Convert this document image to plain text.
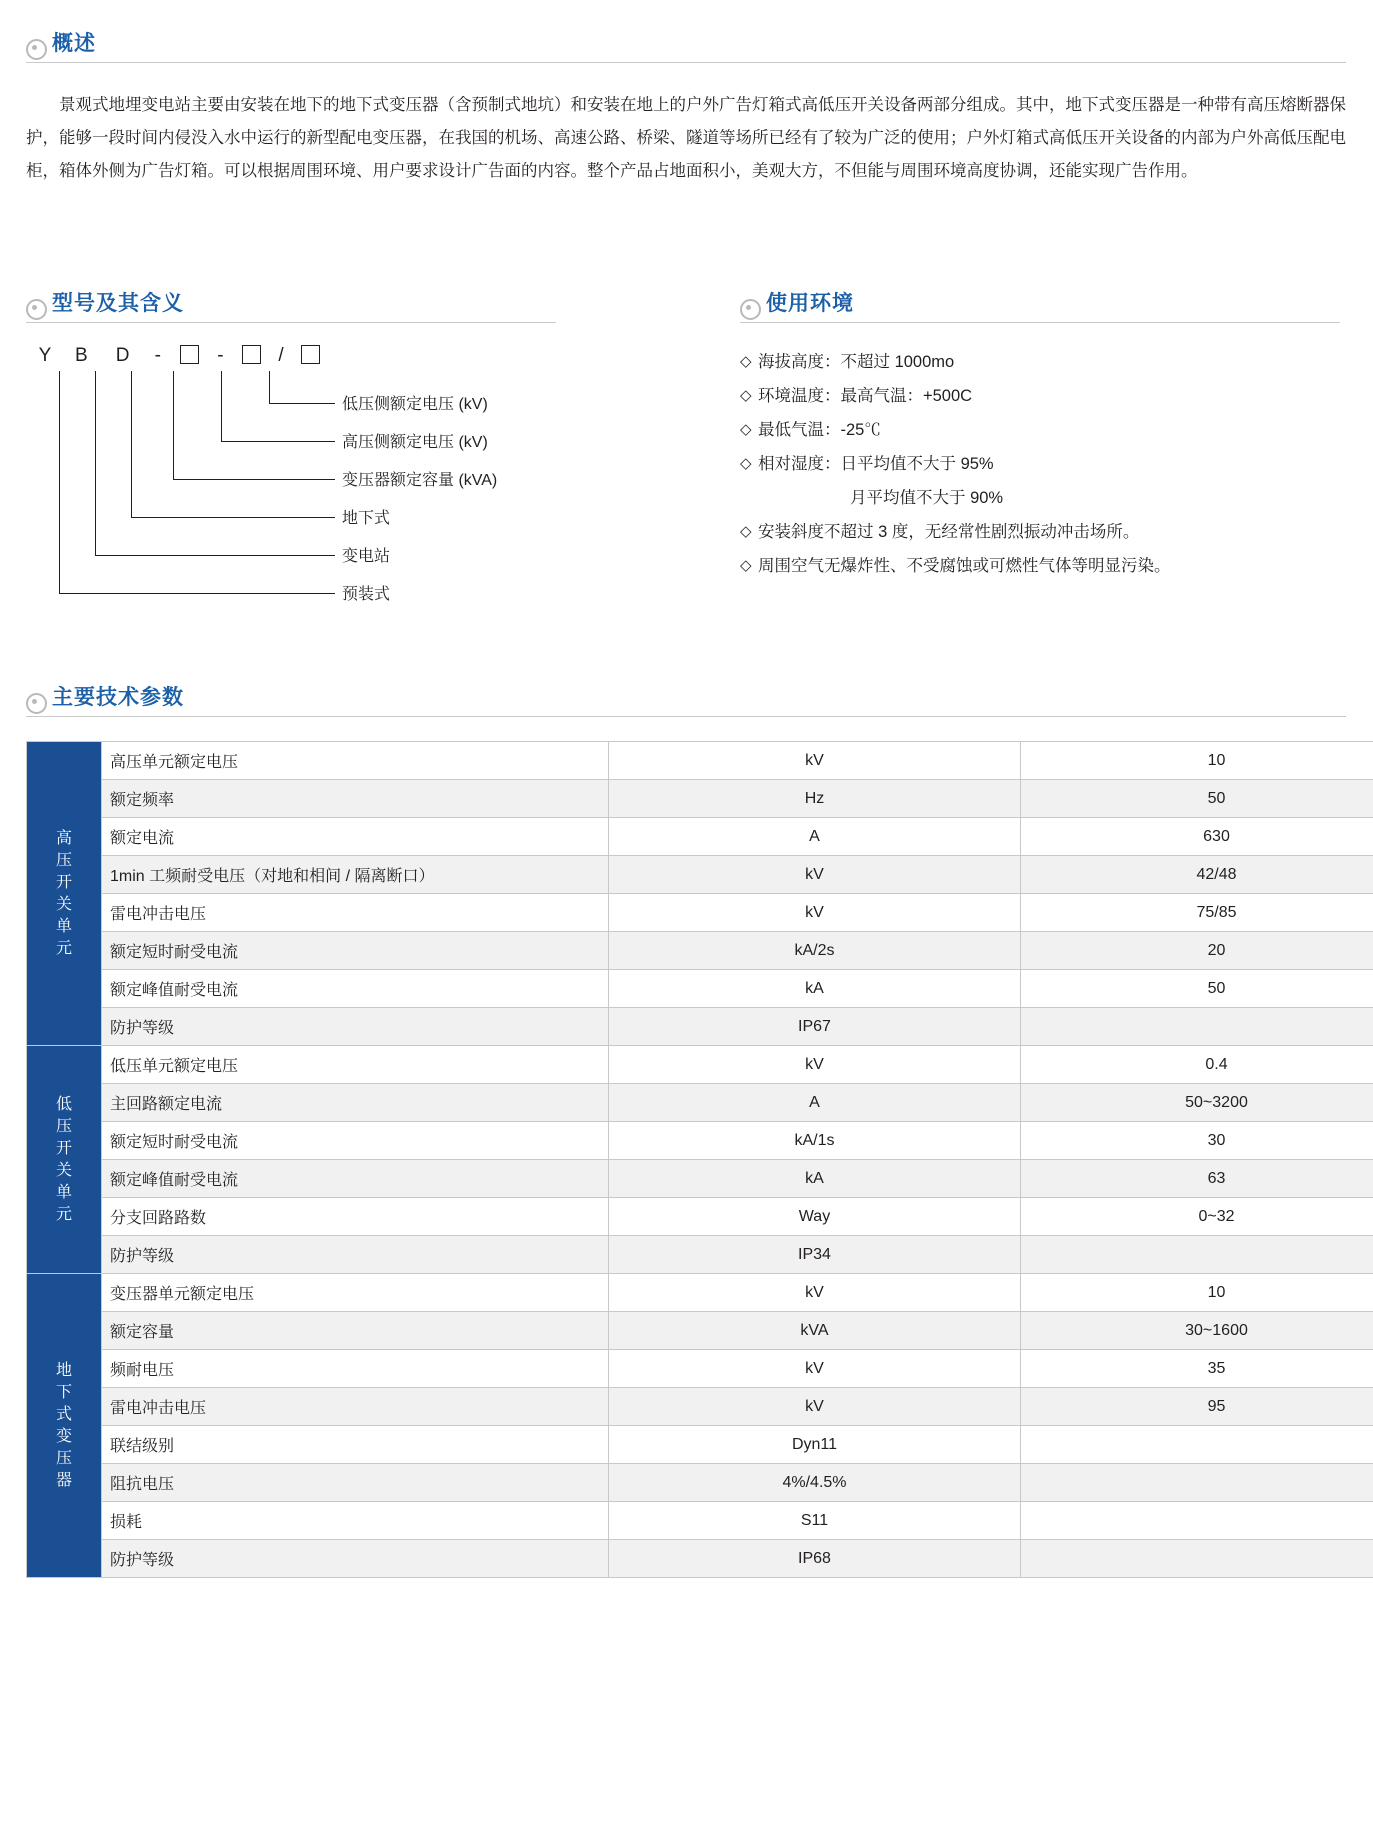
概述

景观式地埋变电站主要由安装在地下的地下式变压器（含预制式地坑）和安装在地上的户外广告灯箱式高低压开关设备两部分组成。其中，地下式变压器是一种带有高压熔断器保护，能够一段时间内侵没入水中运行的新型配电变压器，在我国的机场、高速公路、桥梁、隧道等场所已经有了较为广泛的使用；户外灯箱式高低压开关设备的内部为户外高低压配电柜，箱体外侧为广告灯箱。可以根据周围环境、用户要求设计广告面的内容。整个产品占地面积小，美观大方，不但能与周围环境高度协调，还能实现广告作用。

型号及其含义
Y B D -	-	/
低压侧额定电压 (kV)
高压侧额定电压 (kV)
变压器额定容量 (kVA)
地下式
变电站
预装式
使用环境
◇ 海拔高度：不超过 1000mo
◇ 环境温度：最高气温：+500C
◇ 最低气温：-25℃
◇ 相对湿度：日平均值不大于 95%
月平均值不大于 90%
◇ 安装斜度不超过 3 度，无经常性剧烈振动冲击场所。
◇ 周围空气无爆炸性、不受腐蚀或可燃性气体等明显污染。
主要技术参数
高
压
开
关
单
元
	高压单元额定电压	kV	10
	额定频率	Hz	50
	额定电流	A	630
	1min 工频耐受电压（对地和相间 / 隔离断口）	kV	42/48
	雷电冲击电压	kV	75/85
	额定短时耐受电流	kA/2s	20
	额定峰值耐受电流	kA	50
	防护等级	IP67	

低
压
开
关
单
元
	低压单元额定电压	kV	0.4
	主回路额定电流	A	50~3200
	额定短时耐受电流	kA/1s	30
	额定峰值耐受电流	kA	63
	分支回路路数	Way	0~32
	防护等级	IP34	

地
下
式
变
压
器
	变压器单元额定电压	kV	10
	额定容量	kVA	30~1600
	频耐电压	kV	35
	雷电冲击电压	kV	95
	联结级别	Dyn11	
	阻抗电压	4%/4.5%	
	损耗	S11	
	防护等级	IP68	
